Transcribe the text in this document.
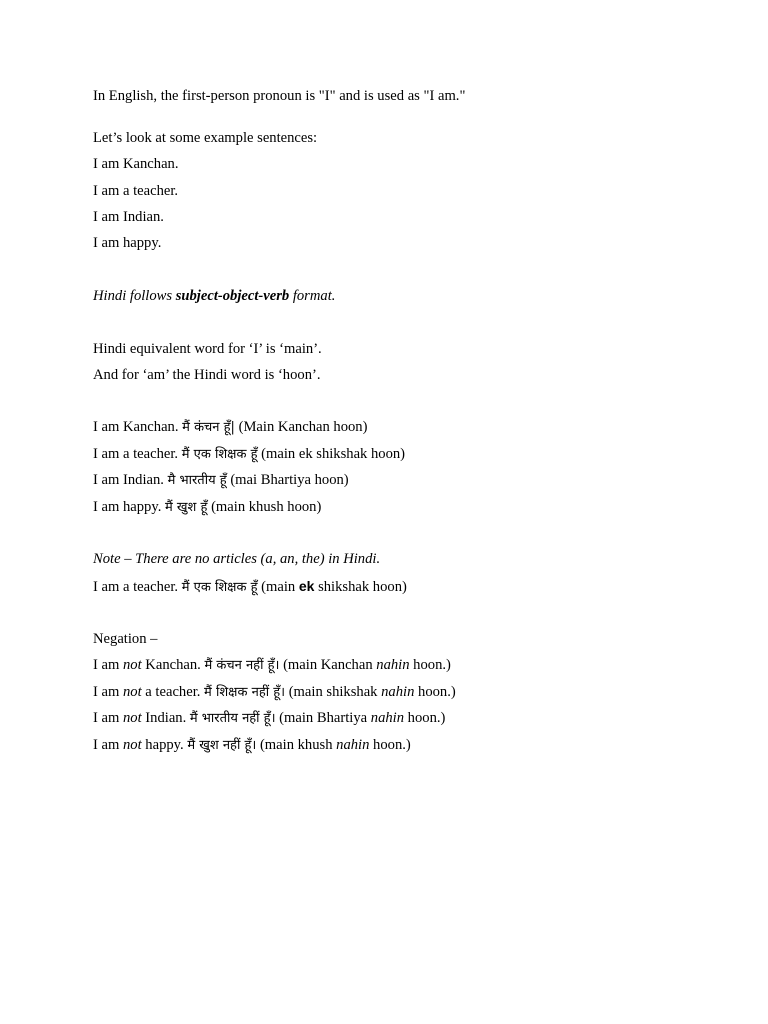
In English, the first-person pronoun is "I" and is used as "I am."
Let’s look at some example sentences:
I am Kanchan.
I am a teacher.
I am Indian.
I am happy.
Hindi follows subject-object-verb format.
Hindi equivalent word for ‘I’ is ‘main’.
And for ‘am’ the Hindi word is ‘hoon’.
I am Kanchan. मैं कंचन हूँ| (Main Kanchan hoon)
I am a teacher. मैं एक शिक्षक हूँ (main ek shikshak hoon)
I am Indian. मै भारतीय हूँ (mai Bhartiya hoon)
I am happy. मैं खुश हूँ (main khush hoon)
Note – There are no articles (a, an, the) in Hindi.
I am a teacher. मैं एक शिक्षक हूँ (main ek shikshak hoon)
Negation –
I am not Kanchan. मैं कंचन नहीं हूँ। (main Kanchan nahin hoon.)
I am not a teacher. मैं शिक्षक नहीं हूँ। (main shikshak nahin hoon.)
I am not Indian. मैं भारतीय नहीं हूँ। (main Bhartiya nahin hoon.)
I am not happy. मैं खुश नहीं हूँ। (main khush nahin hoon.)
